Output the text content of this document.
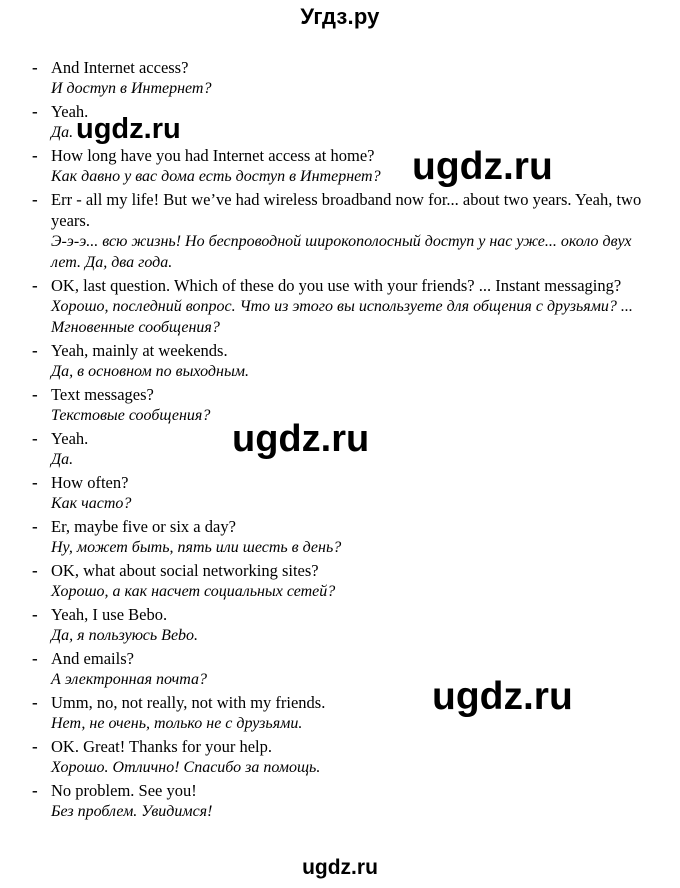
Угдз.ру
- And Internet access?
И доступ в Интернет?
- Yeah.
Да.
- How long have you had Internet access at home?
Как давно у вас дома есть доступ в Интернет?
- Err - all my life! But we’ve had wireless broadband now for... about two years. Yeah, two years.
Э-э-э... всю жизнь! Но беспроводной широкополосный доступ у нас уже... около двух лет. Да, два года.
- OK, last question. Which of these do you use with your friends? ... Instant messaging?
Хорошо, последний вопрос. Что из этого вы используете для общения с друзьями? ... Мгновенные сообщения?
- Yeah, mainly at weekends.
Да, в основном по выходным.
- Text messages?
Текстовые сообщения?
- Yeah.
Да.
- How often?
Как часто?
- Er, maybe five or six a day?
Ну, может быть, пять или шесть в день?
- OK, what about social networking sites?
Хорошо, а как насчет социальных сетей?
- Yeah, I use Bebo.
Да, я пользуюсь Bebo.
- And emails?
А электронная почта?
- Umm, no, not really, not with my friends.
Нет, не очень, только не с друзьями.
- OK. Great! Thanks for your help.
Хорошо. Отлично! Спасибо за помощь.
- No problem. See you!
Без проблем. Увидимся!
ugdz.ru
ugdz.ru
ugdz.ru
ugdz.ru
ugdz.ru
